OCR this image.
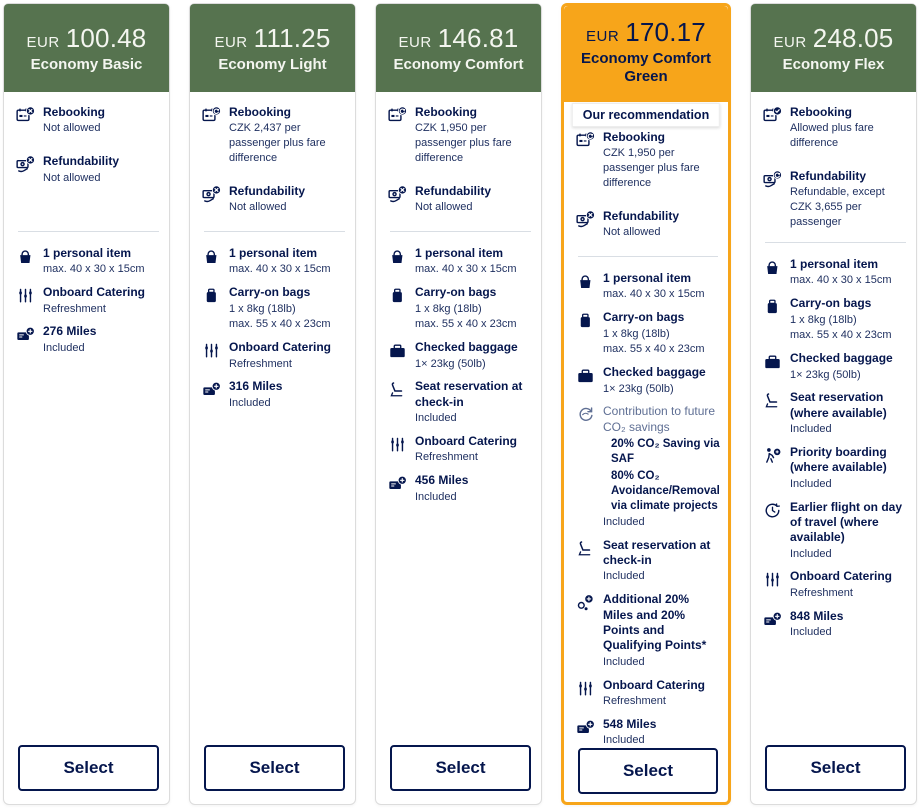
EUR 100.48
Economy Basic
Rebooking
Not allowed
Refundability
Not allowed
1 personal item
max. 40 x 30 x 15cm
Onboard Catering
Refreshment
276 Miles
Included
Select
EUR 111.25
Economy Light
Rebooking
CZK 2,437 per passenger plus fare difference
Refundability
Not allowed
1 personal item
max. 40 x 30 x 15cm
Carry-on bags
1 x 8kg (18lb)
max. 55 x 40 x 23cm
Onboard Catering
Refreshment
316 Miles
Included
Select
EUR 146.81
Economy Comfort
Rebooking
CZK 1,950 per passenger plus fare difference
Refundability
Not allowed
1 personal item
max. 40 x 30 x 15cm
Carry-on bags
1 x 8kg (18lb)
max. 55 x 40 x 23cm
Checked baggage
1× 23kg (50lb)
Seat reservation at check-in
Included
Onboard Catering
Refreshment
456 Miles
Included
Select
EUR 170.17
Economy Comfort Green
Our recommendation
Rebooking
CZK 1,950 per passenger plus fare difference
Refundability
Not allowed
1 personal item
max. 40 x 30 x 15cm
Carry-on bags
1 x 8kg (18lb)
max. 55 x 40 x 23cm
Checked baggage
1× 23kg (50lb)
Contribution to future CO₂ savings
20% CO₂ Saving via SAF
80% CO₂ Avoidance/Removal via climate projects
Included
Seat reservation at check-in
Included
Additional 20% Miles and 20% Points and Qualifying Points*
Included
Onboard Catering
Refreshment
548 Miles
Included
Select
EUR 248.05
Economy Flex
Rebooking
Allowed plus fare difference
Refundability
Refundable, except CZK 3,655 per passenger
1 personal item
max. 40 x 30 x 15cm
Carry-on bags
1 x 8kg (18lb)
max. 55 x 40 x 23cm
Checked baggage
1× 23kg (50lb)
Seat reservation (where available)
Included
Priority boarding (where available)
Included
Earlier flight on day of travel (where available)
Included
Onboard Catering
Refreshment
848 Miles
Included
Select
